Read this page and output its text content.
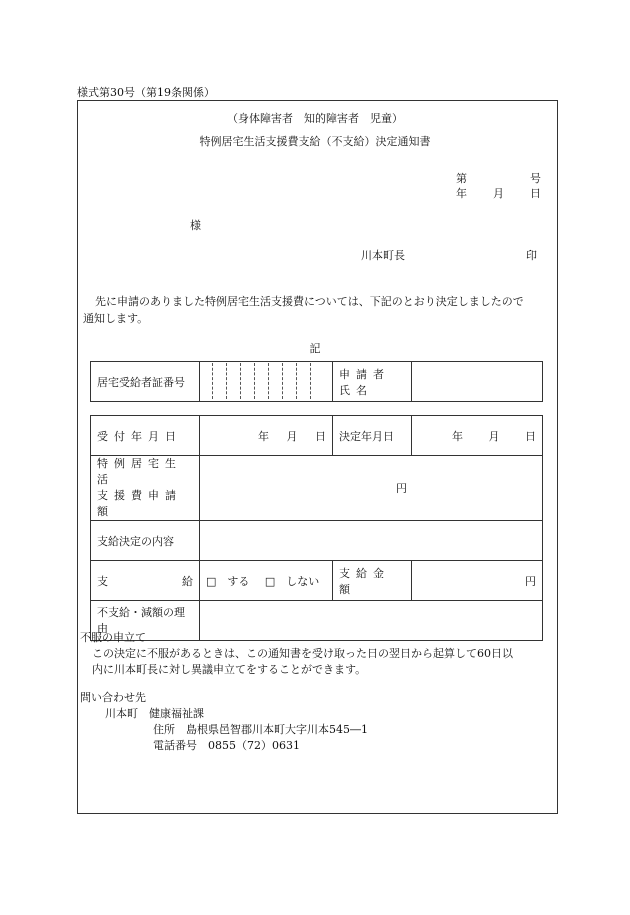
様式第30号（第19条関係）
（身体障害者　知的障害者　児童）
特例居宅生活支援費支給（不支給）決定通知書
第	号
年 月 日
様
川本町長	印
先に申請のありました特例居宅生活支援費については、下記のとおり決定しましたので
通知します。
記
居宅受給者証番号		申請者氏名	
受付年月日	年 月 日	決定年月日	年 月 日

特例居宅生活
支援費申請額	円		
支給決定の内容			
支 給	□　する □　しない	支給金額	円

不支給・減額の理
由			

不服の申立て
この決定に不服があるときは、この通知書を受け取った日の翌日から起算して60日以
内に川本町長に対し異議申立てをすることができます。
問い合わせ先
川本町　健康福祉課
住所　島根県邑智郡川本町大字川本545―1
電話番号　0855（72）0631
